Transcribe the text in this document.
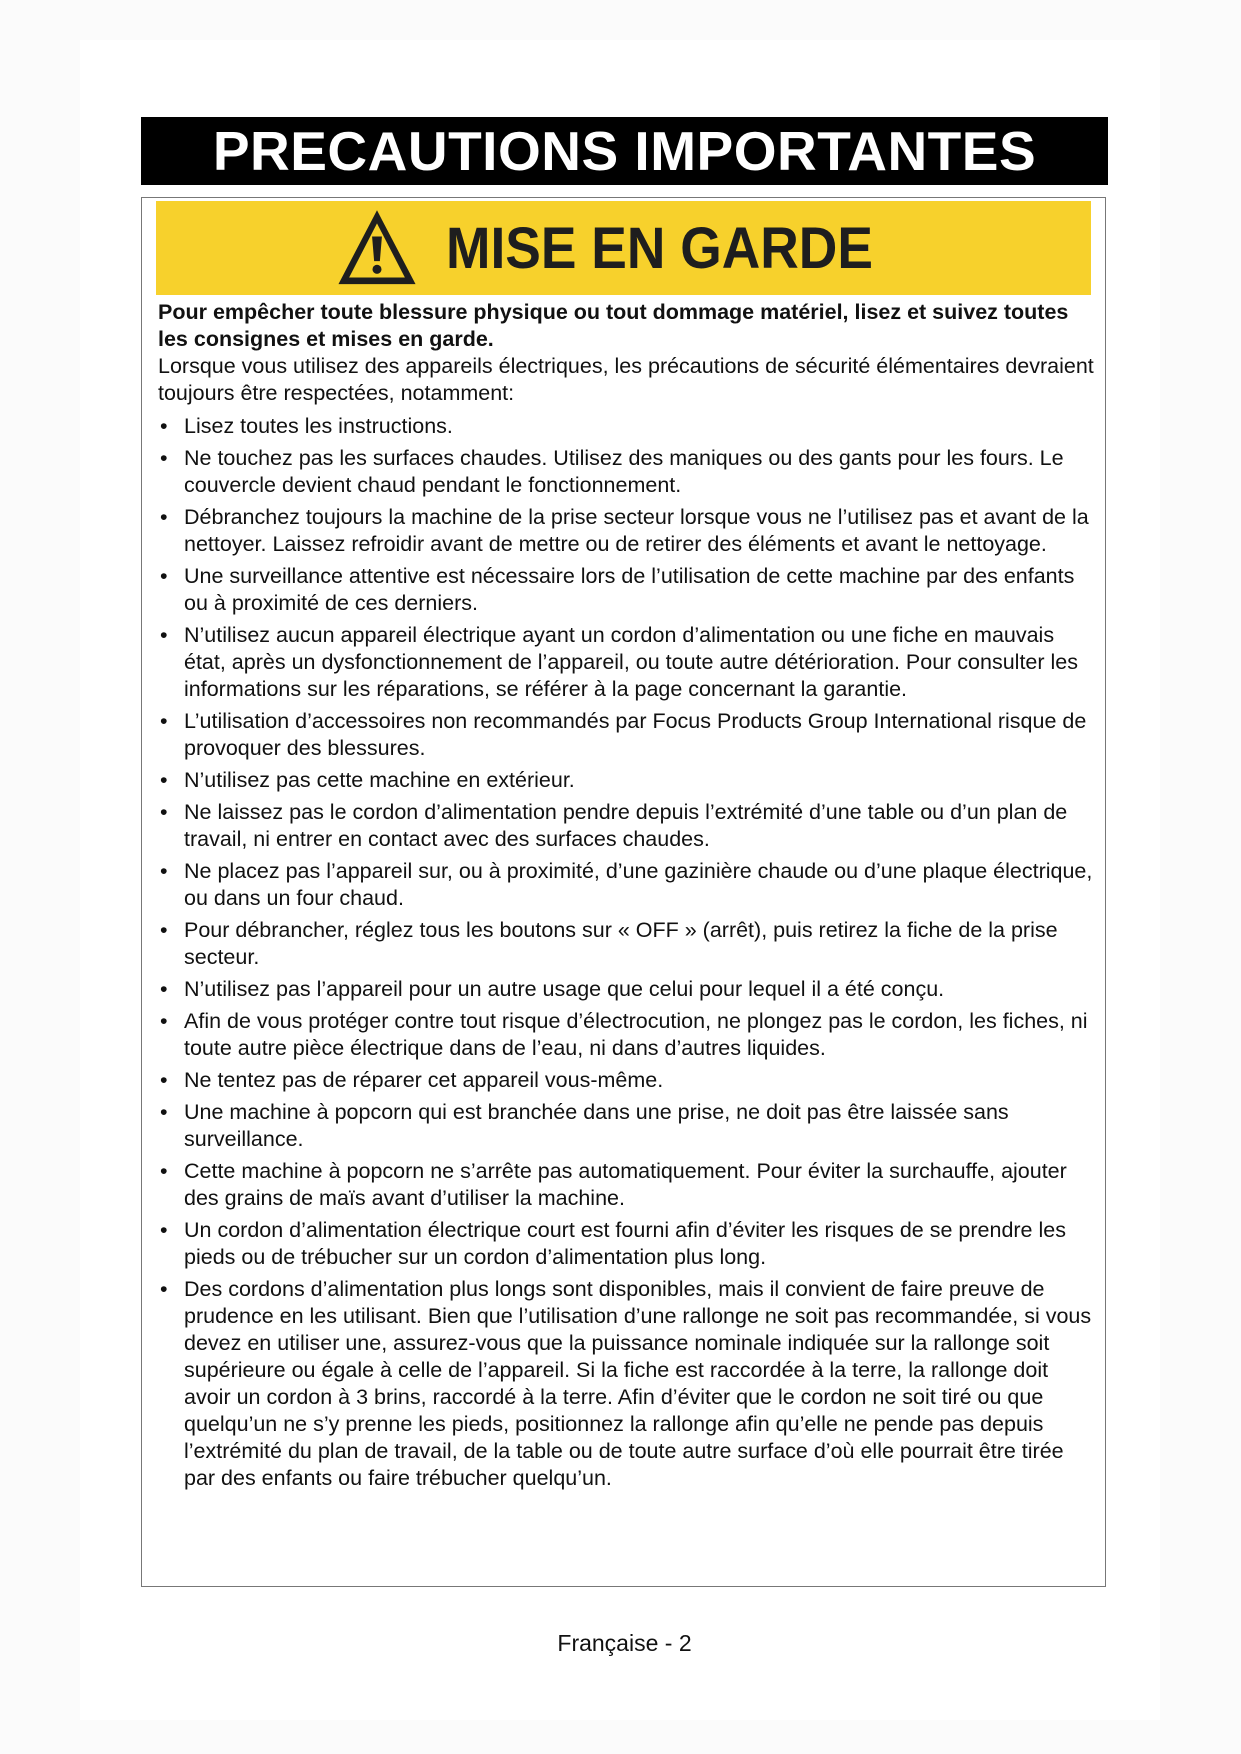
PRECAUTIONS IMPORTANTES
MISE EN GARDE

Pour empêcher toute blessure physique ou tout dommage matériel, lisez et suivez toutes les consignes et mises en garde.

Lorsque vous utilisez des appareils électriques, les précautions de sécurité élémentaires devraient toujours être respectées, notamment:

• Lisez toutes les instructions.
• Ne touchez pas les surfaces chaudes. Utilisez des maniques ou des gants pour les fours. Le couvercle devient chaud pendant le fonctionnement.
• Débranchez toujours la machine de la prise secteur lorsque vous ne l’utilisez pas et avant de la nettoyer. Laissez refroidir avant de mettre ou de retirer des éléments et avant le nettoyage.
• Une surveillance attentive est nécessaire lors de l’utilisation de cette machine par des enfants ou à proximité de ces derniers.
• N’utilisez aucun appareil électrique ayant un cordon d’alimentation ou une fiche en mauvais état, après un dysfonctionnement de l’appareil, ou toute autre détérioration. Pour consulter les informations sur les réparations, se référer à la page concernant la garantie.
• L’utilisation d’accessoires non recommandés par Focus Products Group International risque de provoquer des blessures.
• N’utilisez pas cette machine en extérieur.
• Ne laissez pas le cordon d’alimentation pendre depuis l’extrémité d’une table ou d’un plan de travail, ni entrer en contact avec des surfaces chaudes.
• Ne placez pas l’appareil sur, ou à proximité, d’une gazinière chaude ou d’une plaque électrique, ou dans un four chaud.
• Pour débrancher, réglez tous les boutons sur « OFF » (arrêt), puis retirez la fiche de la prise secteur.
• N’utilisez pas l’appareil pour un autre usage que celui pour lequel il a été conçu.
• Afin de vous protéger contre tout risque d’électrocution, ne plongez pas le cordon, les fiches, ni toute autre pièce électrique dans de l’eau, ni dans d’autres liquides.
• Ne tentez pas de réparer cet appareil vous-même.
• Une machine à popcorn qui est branchée dans une prise, ne doit pas être laissée sans surveillance.
• Cette machine à popcorn ne s’arrête pas automatiquement. Pour éviter la surchauffe, ajouter des grains de maïs avant d’utiliser la machine.
• Un cordon d’alimentation électrique court est fourni afin d’éviter les risques de se prendre les pieds ou de trébucher sur un cordon d’alimentation plus long.
• Des cordons d’alimentation plus longs sont disponibles, mais il convient de faire preuve de prudence en les utilisant. Bien que l’utilisation d’une rallonge ne soit pas recommandée, si vous devez en utiliser une, assurez-vous que la puissance nominale indiquée sur la rallonge soit supérieure ou égale à celle de l’appareil. Si la fiche est raccordée à la terre, la rallonge doit avoir un cordon à 3 brins, raccordé à la terre. Afin d’éviter que le cordon ne soit tiré ou que quelqu’un ne s’y prenne les pieds, positionnez la rallonge afin qu’elle ne pende pas depuis l’extrémité du plan de travail, de la table ou de toute autre surface d’où elle pourrait être tirée par des enfants ou faire trébucher quelqu’un.
Française - 2
